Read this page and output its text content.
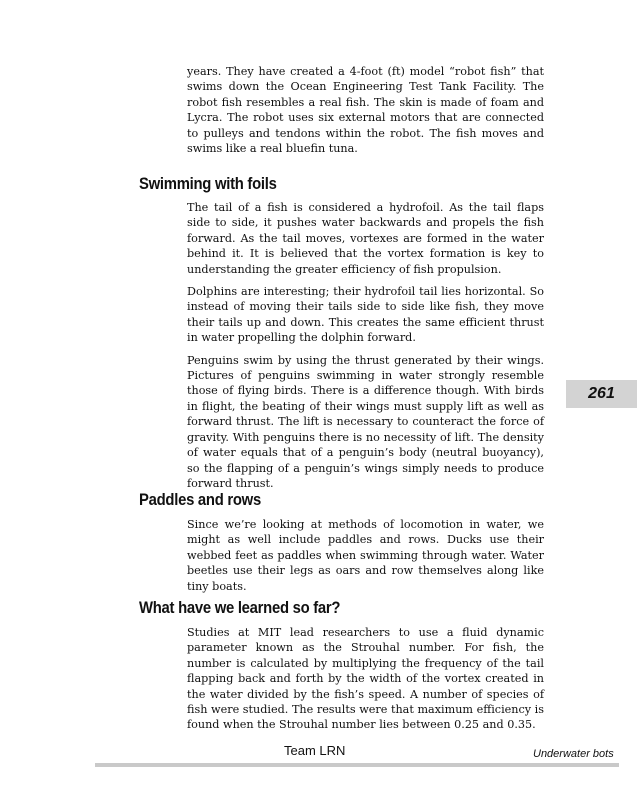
years. They have created a 4-foot (ft) model “robot fish” that swims down the Ocean Engineering Test Tank Facility. The robot fish resembles a real fish. The skin is made of foam and Lycra. The robot uses six external motors that are connected to pulleys and tendons within the robot. The fish moves and swims like a real bluefin tuna.

Swimming with foils

The tail of a fish is considered a hydrofoil. As the tail flaps side to side, it pushes water backwards and propels the fish forward. As the tail moves, vortexes are formed in the water behind it. It is believed that the vortex formation is key to understanding the greater efficiency of fish propulsion.

Dolphins are interesting; their hydrofoil tail lies horizontal. So instead of moving their tails side to side like fish, they move their tails up and down. This creates the same efficient thrust in water propelling the dolphin forward.

Penguins swim by using the thrust generated by their wings. Pictures of penguins swimming in water strongly resemble those of flying birds. There is a difference though. With birds in flight, the beating of their wings must supply lift as well as forward thrust. The lift is necessary to counteract the force of gravity. With penguins there is no necessity of lift. The density of water equals that of a penguin’s body (neutral buoyancy), so the flapping of a penguin’s wings simply needs to produce forward thrust.

Paddles and rows

Since we’re looking at methods of locomotion in water, we might as well include paddles and rows. Ducks use their webbed feet as paddles when swimming through water. Water beetles use their legs as oars and row themselves along like tiny boats.

What have we learned so far?

Studies at MIT lead researchers to use a fluid dynamic parameter known as the Strouhal number. For fish, the number is calculated by multiplying the frequency of the tail flapping back and forth by the width of the vortex created in the water divided by the fish’s speed. A number of species of fish were studied. The results were that maximum efficiency is found when the Strouhal number lies between 0.25 and 0.35.

261
Team LRN	Underwater bots
